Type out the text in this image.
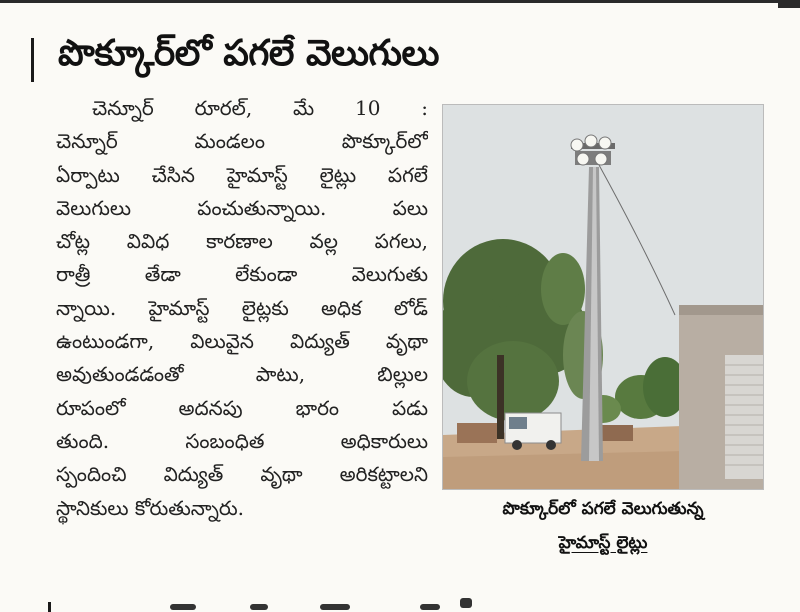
పొక్కూర్‌లో పగలే వెలుగులు
చెన్నూర్ రూరల్, మే 10 :
చెన్నూర్ మండలం పొక్కూర్‌లో
ఏర్పాటు చేసిన హైమాస్ట్ లైట్లు పగలే
వెలుగులు పంచుతున్నాయి. పలు
చోట్ల వివిధ కారణాల వల్ల పగలు,
రాత్రీ తేడా లేకుండా వెలుగుతు
న్నాయి. హైమాస్ట్ లైట్లకు అధిక లోడ్
ఉంటుండగా, విలువైన విద్యుత్ వృథా
అవుతుండడంతో పాటు, బిల్లుల
రూపంలో అదనపు భారం పడు
తుంది. సంబంధిత అధికారులు
స్పందించి విద్యుత్ వృథా అరికట్టాలని
స్థానికులు కోరుతున్నారు.	పొక్కూర్‌లో పగలే వెలుగుతున్న
హైమాస్ట్ లైట్లు
